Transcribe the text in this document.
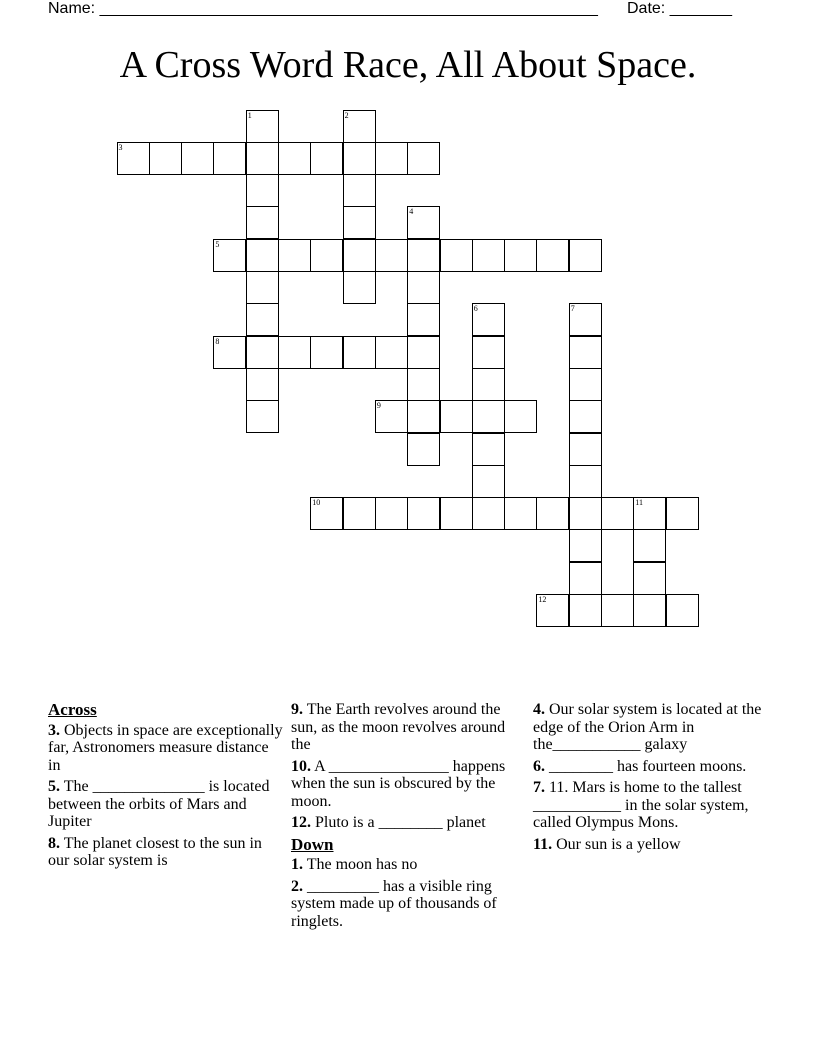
Name: ________________________________________________________ Date: _______
A Cross Word Race, All About Space.
3
5
8
9
10	11
12
1	2
4
6	7
Across
3. Objects in space are exceptionally far, Astronomers measure distance in
5. The ______________ is located between the orbits of Mars and Jupiter
8. The planet closest to the sun in our solar system is
9. The Earth revolves around the sun, as the moon revolves around the
10. A _______________ happens when the sun is obscured by the moon.
12. Pluto is a ________ planet
Down
1. The moon has no
2. _________ has a visible ring system made up of thousands of ringlets.
4. Our solar system is located at the edge of the Orion Arm in the___________ galaxy
6. ________ has fourteen moons.
7. 11. Mars is home to the tallest ___________ in the solar system, called Olympus Mons.
11. Our sun is a yellow
